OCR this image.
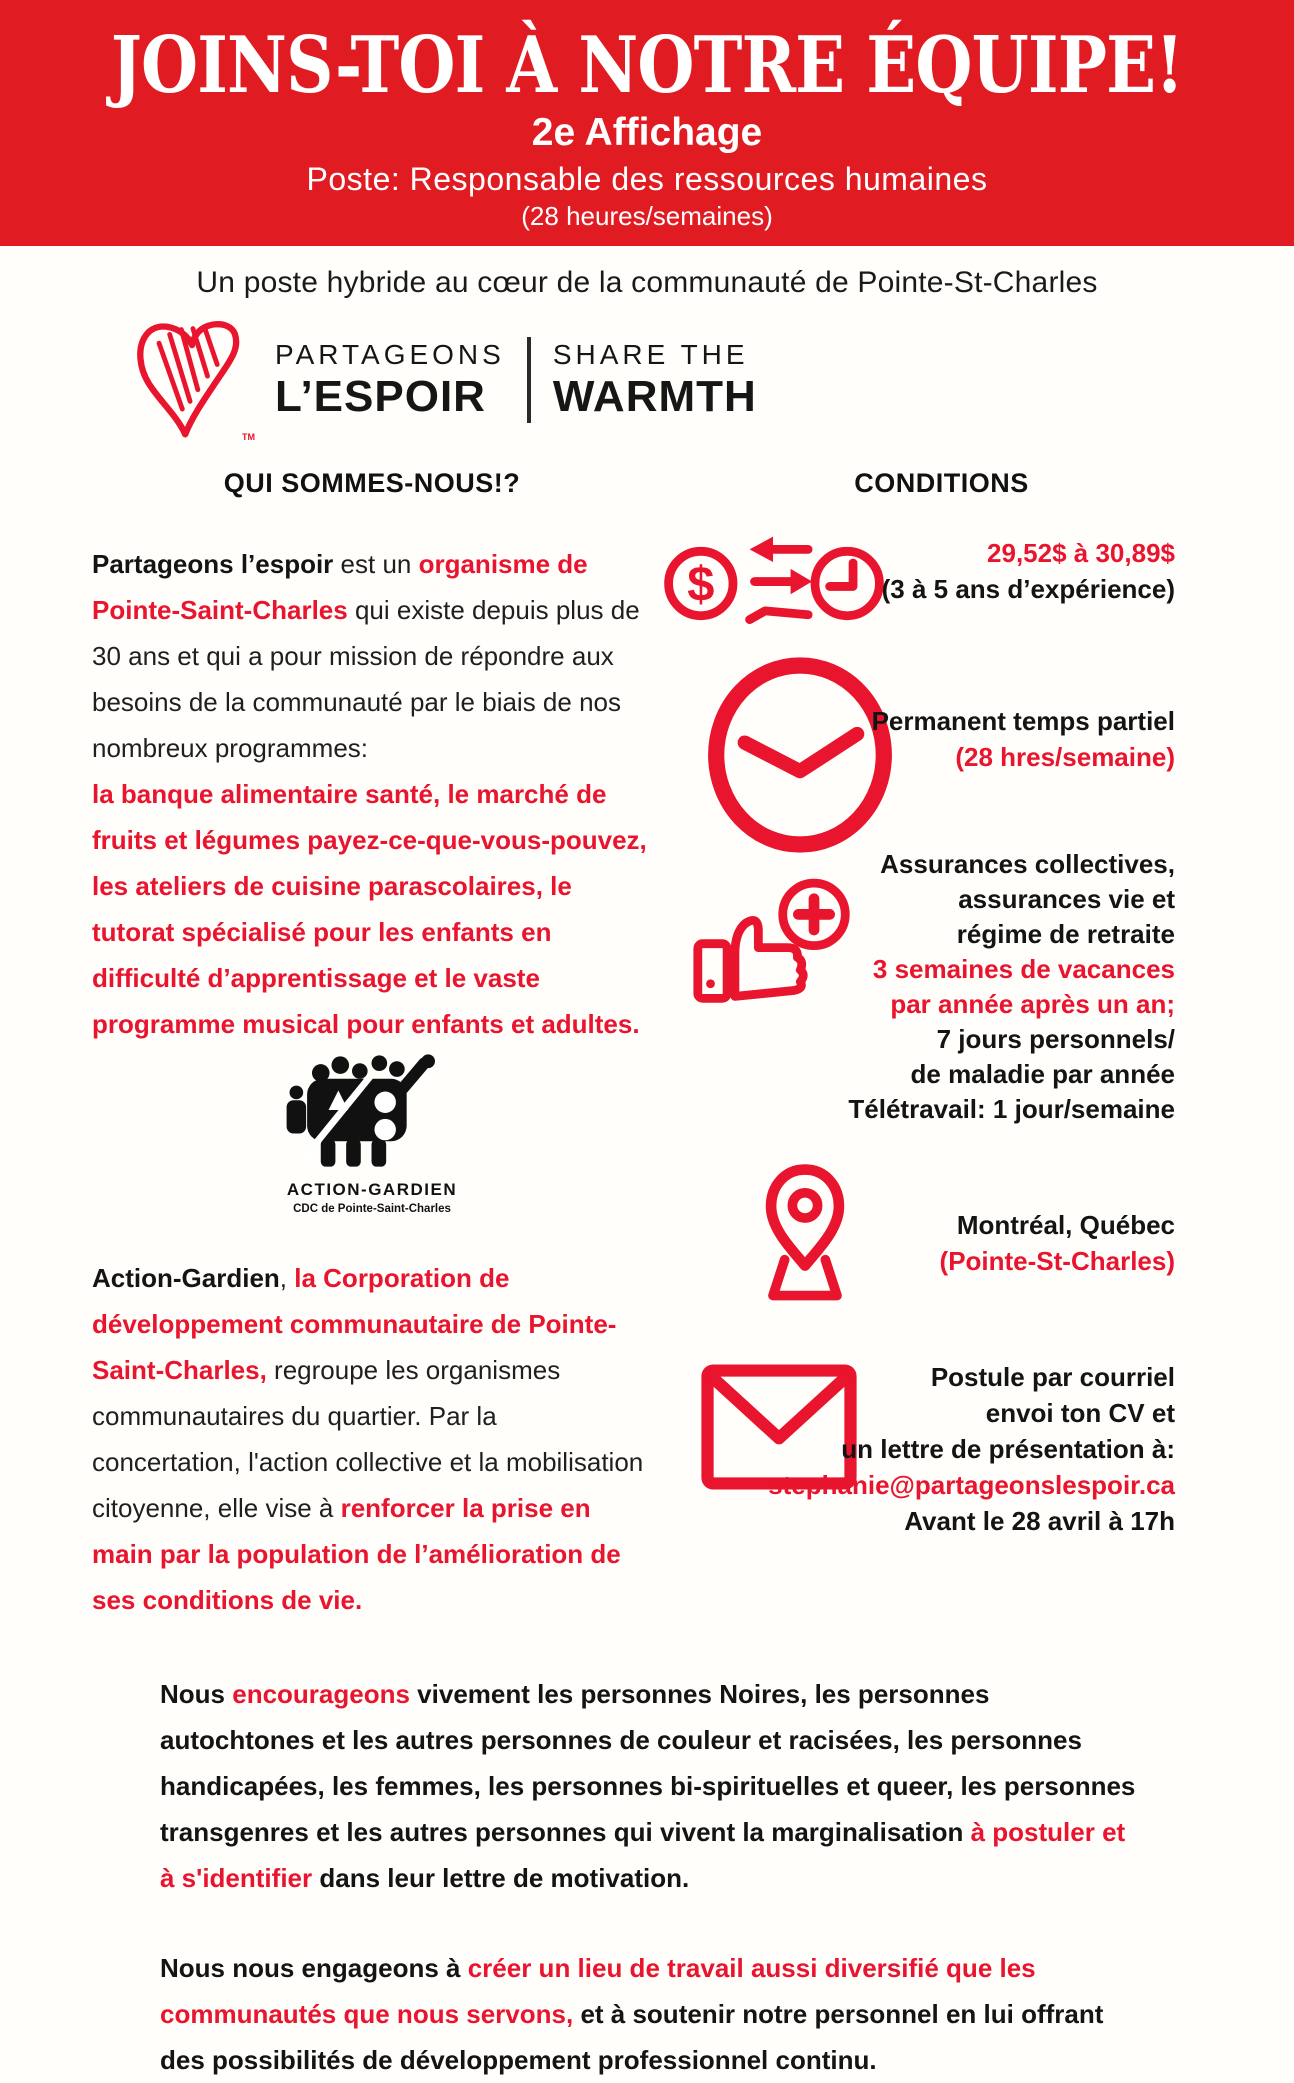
JOINS-TOI À NOTRE ÉQUIPE!
2e Affichage
Poste: Responsable des ressources humaines
(28 heures/semaines)
Un poste hybride au cœur de la communauté de Pointe-St-Charles
TM
PARTAGEONS
L’ESPOIR
SHARE THE
WARMTH
QUI SOMMES-NOUS!?

Partageons l’espoir est un organisme de Pointe-Saint-Charles qui existe depuis plus de 30 ans et qui a pour mission de répondre aux besoins de la communauté par le biais de nos nombreux programmes:

la banque alimentaire santé, le marché de fruits et légumes payez-ce-que-vous-pouvez, les ateliers de cuisine parascolaires, le tutorat spécialisé pour les enfants en difficulté d’apprentissage et le vaste programme musical pour enfants et adultes.

ACTION-GARDIEN
CDC de Pointe-Saint-Charles

Action-Gardien, la Corporation de développement communautaire de Pointe-Saint-Charles, regroupe les organismes communautaires du quartier. Par la concertation, l'action collective et la mobilisation citoyenne, elle vise à renforcer la prise en main par la population de l’amélioration de ses conditions de vie.

CONDITIONS
$
29,52$ à 30,89$
(3 à 5 ans d’expérience)
Permanent temps partiel
(28 hres/semaine)
Assurances collectives,
assurances vie et
régime de retraite
3 semaines de vacances
par année après un an;
7 jours personnels/
de maladie par année
Télétravail: 1 jour/semaine
Montréal, Québec
(Pointe-St-Charles)
Postule par courriel
envoi ton CV et
un lettre de présentation à:
stephanie@partageonslespoir.ca
Avant le 28 avril à 17h

Nous encourageons vivement les personnes Noires, les personnes autochtones et les autres personnes de couleur et racisées, les personnes handicapées, les femmes, les personnes bi-spirituelles et queer, les personnes transgenres et les autres personnes qui vivent la marginalisation à postuler et à s'identifier dans leur lettre de motivation.

Nous nous engageons à créer un lieu de travail aussi diversifié que les communautés que nous servons, et à soutenir notre personnel en lui offrant des possibilités de développement professionnel continu.
